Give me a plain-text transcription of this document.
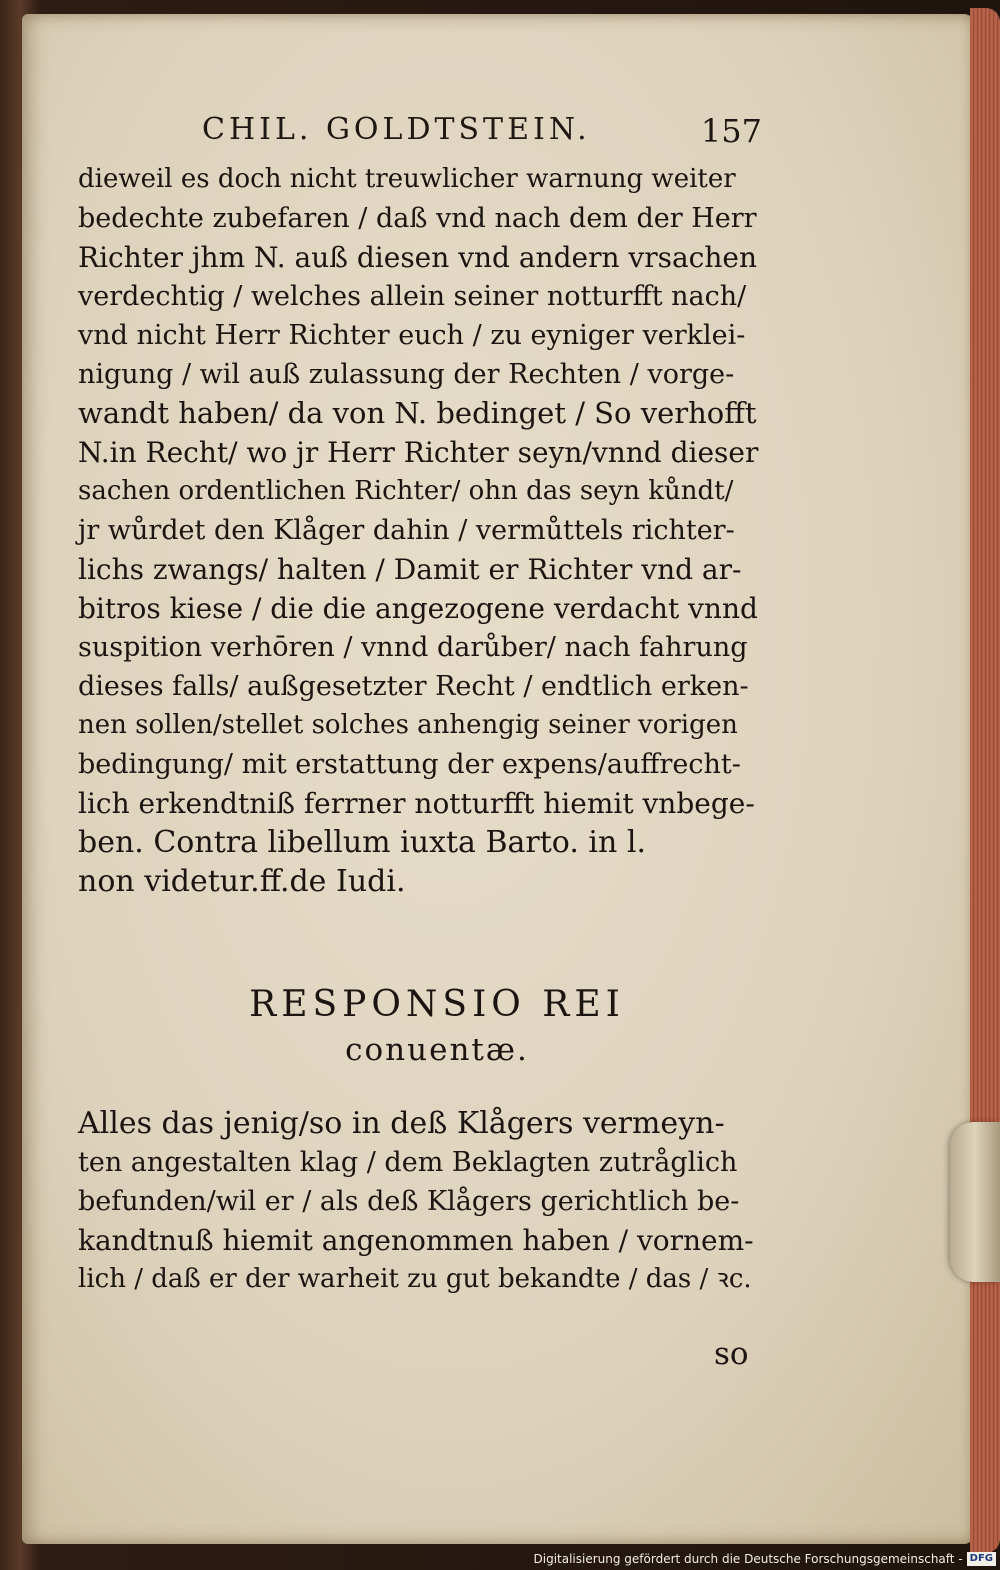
CHIL. GOLDTSTEIN.	157
dieweil es doch nicht treuwlicher warnung weiter
bedechte zubefaren / daß vnd nach dem der Herr
Richter jhm N. auß diesen vnd andern vrsachen
verdechtig / welches allein seiner notturfft nach/
vnd nicht Herr Richter euch / zu eyniger verklei-
nigung / wil auß zulassung der Rechten / vorge-
wandt haben/ da von N. bedinget / So verhofft
N.in Recht/ wo jr Herr Richter seyn/vnnd dieser
sachen ordentlichen Richter/ ohn das seyn kůndt/
jr wůrdet den Klåger dahin / vermůttels richter-
lichs zwangs/ halten / Damit er Richter vnd ar-
bitros kiese / die die angezogene verdacht vnnd
suspition verhōren / vnnd darůber/ nach fahrung
dieses falls/ außgesetzter Recht / endtlich erken-
nen sollen/stellet solches anhengig seiner vorigen
bedingung/ mit erstattung der expens/auffrecht-
lich erkendtniß ferrner notturfft hiemit vnbege-
ben. Contra libellum iuxta Barto. in l.
non videtur.ff.de Iudi.
RESPONSIO REI
conuentæ.
Alles das jenig/so in deß Klågers vermeyn-
ten angestalten klag / dem Beklagten zutråglich
befunden/wil er / als deß Klågers gerichtlich be-
kandtnuß hiemit angenommen haben / vornem-
lich / daß er der warheit zu gut bekandte / das / ꝛc.
so
Digitalisierung gefördert durch die Deutsche Forschungsgemeinschaft - DFG
